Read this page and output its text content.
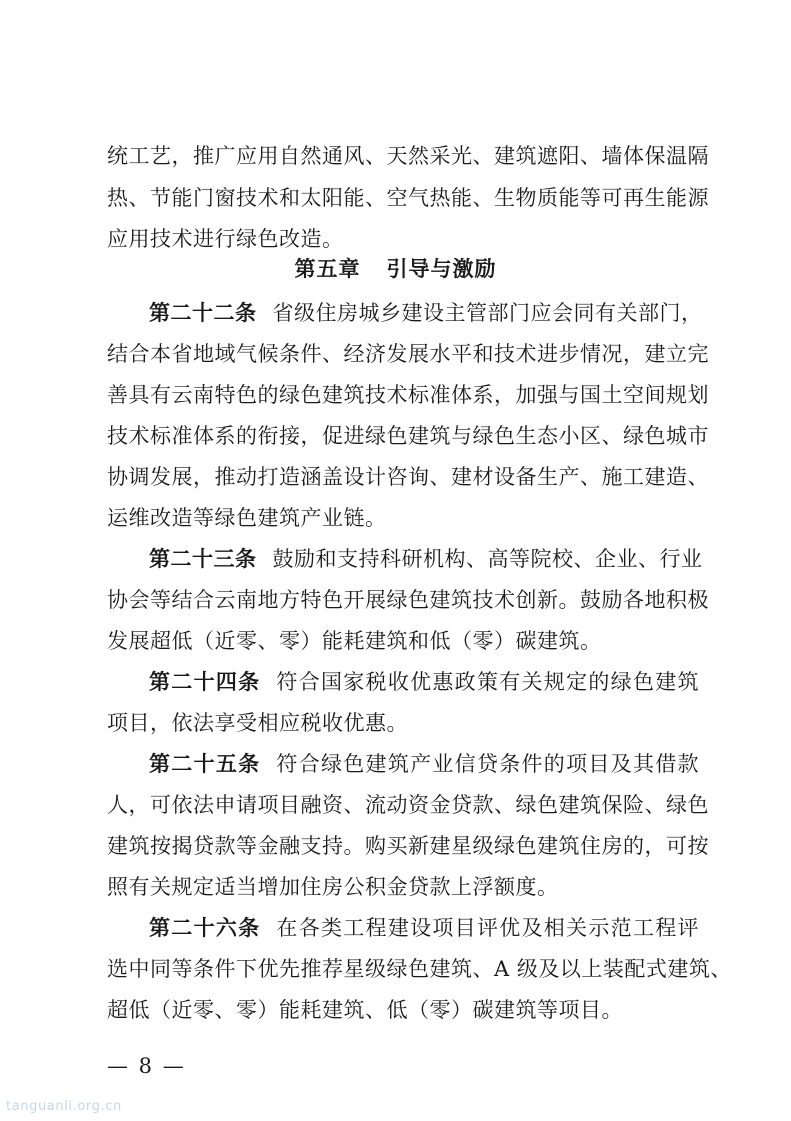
统工艺，推广应用自然通风、天然采光、建筑遮阳、墙体保温隔
热、节能门窗技术和太阳能、空气热能、生物质能等可再生能源
应用技术进行绿色改造。
第五章 引导与激励
第二十二条 省级住房城乡建设主管部门应会同有关部门，
结合本省地域气候条件、经济发展水平和技术进步情况，建立完
善具有云南特色的绿色建筑技术标准体系，加强与国土空间规划
技术标准体系的衔接，促进绿色建筑与绿色生态小区、绿色城市
协调发展，推动打造涵盖设计咨询、建材设备生产、施工建造、
运维改造等绿色建筑产业链。
第二十三条 鼓励和支持科研机构、高等院校、企业、行业
协会等结合云南地方特色开展绿色建筑技术创新。鼓励各地积极
发展超低（近零、零）能耗建筑和低（零）碳建筑。
第二十四条 符合国家税收优惠政策有关规定的绿色建筑
项目，依法享受相应税收优惠。
第二十五条 符合绿色建筑产业信贷条件的项目及其借款
人，可依法申请项目融资、流动资金贷款、绿色建筑保险、绿色
建筑按揭贷款等金融支持。购买新建星级绿色建筑住房的，可按
照有关规定适当增加住房公积金贷款上浮额度。
第二十六条 在各类工程建设项目评优及相关示范工程评
选中同等条件下优先推荐星级绿色建筑、A 级及以上装配式建筑、
超低（近零、零）能耗建筑、低（零）碳建筑等项目。
— 8 —
tanguanli.org.cn
